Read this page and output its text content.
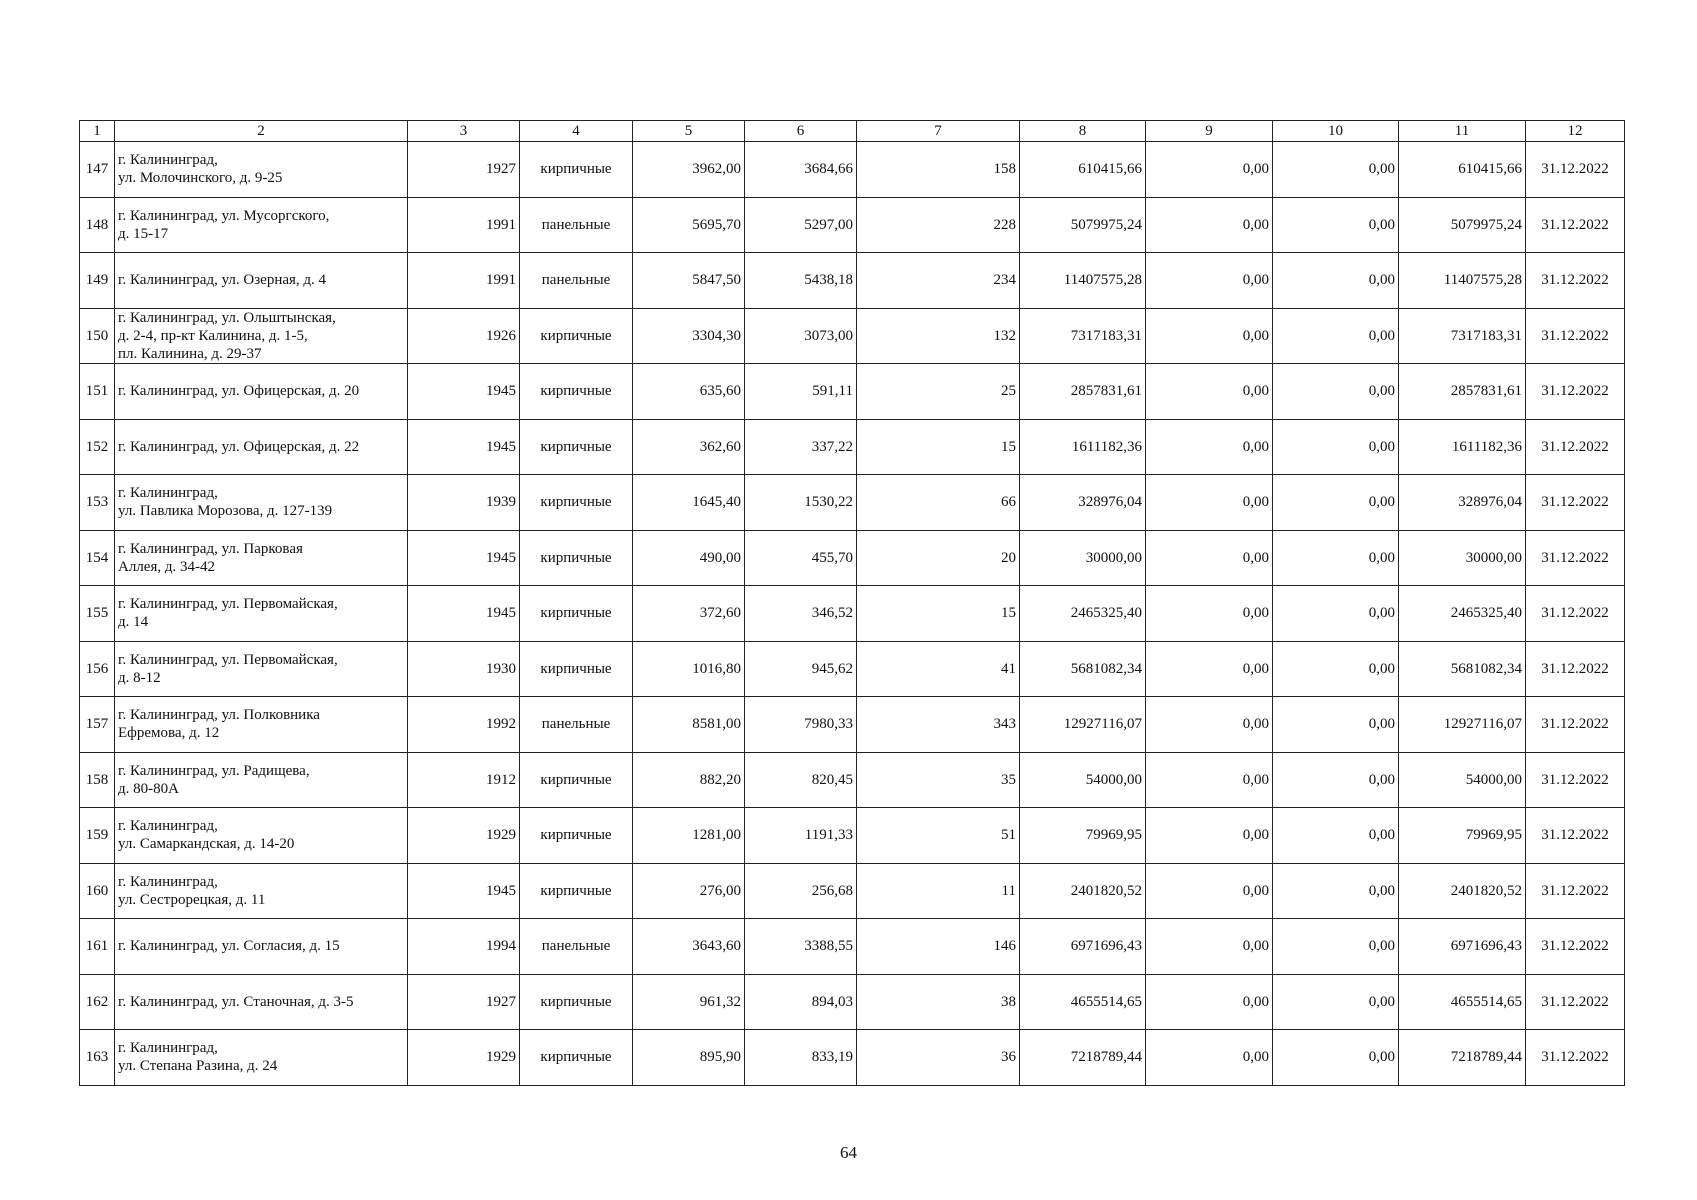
1	2	3	4	5	6	7	8	9	10	11	12
147	г. Калининград,
ул. Молочинского, д. 9-25	1927	кирпичные	3962,00	3684,66	158	610415,66	0,00	0,00	610415,66	31.12.2022
148	г. Калининград, ул. Мусоргского,
д. 15-17	1991	панельные	5695,70	5297,00	228	5079975,24	0,00	0,00	5079975,24	31.12.2022
149	г. Калининград, ул. Озерная, д. 4	1991	панельные	5847,50	5438,18	234	11407575,28	0,00	0,00	11407575,28	31.12.2022
150	г. Калининград, ул. Ольштынская,
д. 2-4, пр-кт Калинина, д. 1-5,
пл. Калинина, д. 29-37	1926	кирпичные	3304,30	3073,00	132	7317183,31	0,00	0,00	7317183,31	31.12.2022
151	г. Калининград, ул. Офицерская, д. 20	1945	кирпичные	635,60	591,11	25	2857831,61	0,00	0,00	2857831,61	31.12.2022
152	г. Калининград, ул. Офицерская, д. 22	1945	кирпичные	362,60	337,22	15	1611182,36	0,00	0,00	1611182,36	31.12.2022
153	г. Калининград,
ул. Павлика Морозова, д. 127-139	1939	кирпичные	1645,40	1530,22	66	328976,04	0,00	0,00	328976,04	31.12.2022
154	г. Калининград, ул. Парковая
Аллея, д. 34-42	1945	кирпичные	490,00	455,70	20	30000,00	0,00	0,00	30000,00	31.12.2022
155	г. Калининград, ул. Первомайская,
д. 14	1945	кирпичные	372,60	346,52	15	2465325,40	0,00	0,00	2465325,40	31.12.2022
156	г. Калининград, ул. Первомайская,
д. 8-12	1930	кирпичные	1016,80	945,62	41	5681082,34	0,00	0,00	5681082,34	31.12.2022
157	г. Калининград, ул. Полковника
Ефремова, д. 12	1992	панельные	8581,00	7980,33	343	12927116,07	0,00	0,00	12927116,07	31.12.2022
158	г. Калининград, ул. Радищева,
д. 80-80А	1912	кирпичные	882,20	820,45	35	54000,00	0,00	0,00	54000,00	31.12.2022
159	г. Калининград,
ул. Самаркандская, д. 14-20	1929	кирпичные	1281,00	1191,33	51	79969,95	0,00	0,00	79969,95	31.12.2022
160	г. Калининград,
ул. Сестрорецкая, д. 11	1945	кирпичные	276,00	256,68	11	2401820,52	0,00	0,00	2401820,52	31.12.2022
161	г. Калининград, ул. Согласия, д. 15	1994	панельные	3643,60	3388,55	146	6971696,43	0,00	0,00	6971696,43	31.12.2022
162	г. Калининград, ул. Станочная, д. 3-5	1927	кирпичные	961,32	894,03	38	4655514,65	0,00	0,00	4655514,65	31.12.2022
163	г. Калининград,
ул. Степана Разина, д. 24	1929	кирпичные	895,90	833,19	36	7218789,44	0,00	0,00	7218789,44	31.12.2022
64
